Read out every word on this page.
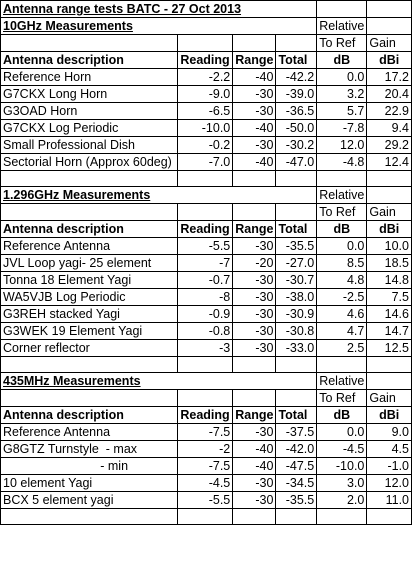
Antenna range tests BATC - 27 Oct 2013					
10GHz Measurements				Relative	
				To Ref	Gain
Antenna description	Reading	Range	Total	dB	dBi
Reference Horn	-2.2	-40	-42.2	0.0	17.2
G7CKX Long Horn	-9.0	-30	-39.0	3.2	20.4
G3OAD Horn	-6.5	-30	-36.5	5.7	22.9
G7CKX Log Periodic	-10.0	-40	-50.0	-7.8	9.4
Small Professional Dish	-0.2	-30	-30.2	12.0	29.2
Sectorial Horn (Approx 60deg)	-7.0	-40	-47.0	-4.8	12.4

1.296GHz Measurements				Relative	
				To Ref	Gain
Antenna description	Reading	Range	Total	dB	dBi
Reference Antenna	-5.5	-30	-35.5	0.0	10.0
JVL Loop yagi- 25 element	-7	-20	-27.0	8.5	18.5
Tonna 18 Element Yagi	-0.7	-30	-30.7	4.8	14.8
WA5VJB Log Periodic	-8	-30	-38.0	-2.5	7.5
G3REH stacked Yagi	-0.9	-30	-30.9	4.6	14.6
G3WEK 19 Element Yagi	-0.8	-30	-30.8	4.7	14.7
Corner reflector	-3	-30	-33.0	2.5	12.5

435MHz Measurements				Relative	
				To Ref	Gain
Antenna description	Reading	Range	Total	dB	dBi
Reference Antenna	-7.5	-30	-37.5	0.0	9.0
G8GTZ Turnstyle  - max	-2	-40	-42.0	-4.5	4.5
- min	-7.5	-40	-47.5	-10.0	-1.0
10 element Yagi	-4.5	-30	-34.5	3.0	12.0
BCX 5 element yagi	-5.5	-30	-35.5	2.0	11.0
